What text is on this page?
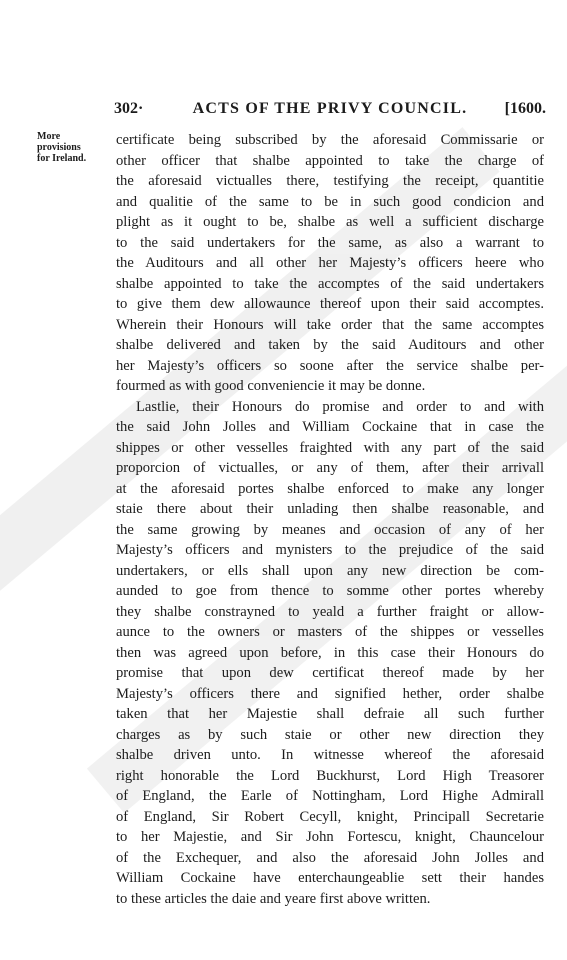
302·	ACTS OF THE PRIVY COUNCIL.	[1600.
More
provisions
for Ireland.
certificate being subscribed by the aforesaid Commissarie or
other officer that shalbe appointed to take the charge of
the aforesaid victualles there, testifying the receipt, quantitie
and qualitie of the same to be in such good condicion and
plight as it ought to be, shalbe as well a sufficient discharge
to the said undertakers for the same, as also a warrant to
the Auditours and all other her Majesty’s officers heere who
shalbe appointed to take the accomptes of the said undertakers
to give them dew allowaunce thereof upon their said accomptes.
Wherein their Honours will take order that the same accomptes
shalbe delivered and taken by the said Auditours and other
her Majesty’s officers so soone after the service shalbe per-
fourmed as with good conveniencie it may be donne.
Lastlie, their Honours do promise and order to and with
the said John Jolles and William Cockaine that in case the
shippes or other vesselles fraighted with any part of the said
proporcion of victualles, or any of them, after their arrivall
at the aforesaid portes shalbe enforced to make any longer
staie there about their unlading then shalbe reasonable, and
the same growing by meanes and occasion of any of her
Majesty’s officers and mynisters to the prejudice of the said
undertakers, or ells shall upon any new direction be com-
aunded to goe from thence to somme other portes whereby
they shalbe constrayned to yeald a further fraight or allow-
aunce to the owners or masters of the shippes or vesselles
then was agreed upon before, in this case their Honours do
promise that upon dew certificat thereof made by her
Majesty’s officers there and signified hether, order shalbe
taken that her Majestie shall defraie all such further
charges as by such staie or other new direction they
shalbe driven unto. In witnesse whereof the aforesaid
right honorable the Lord Buckhurst, Lord High Treasorer
of England, the Earle of Nottingham, Lord Highe Admirall
of England, Sir Robert Cecyll, knight, Principall Secretarie
to her Majestie, and Sir John Fortescu, knight, Chauncelour
of the Exchequer, and also the aforesaid John Jolles and
William Cockaine have enterchaungeablie sett their handes
to these articles the daie and yeare first above written.
